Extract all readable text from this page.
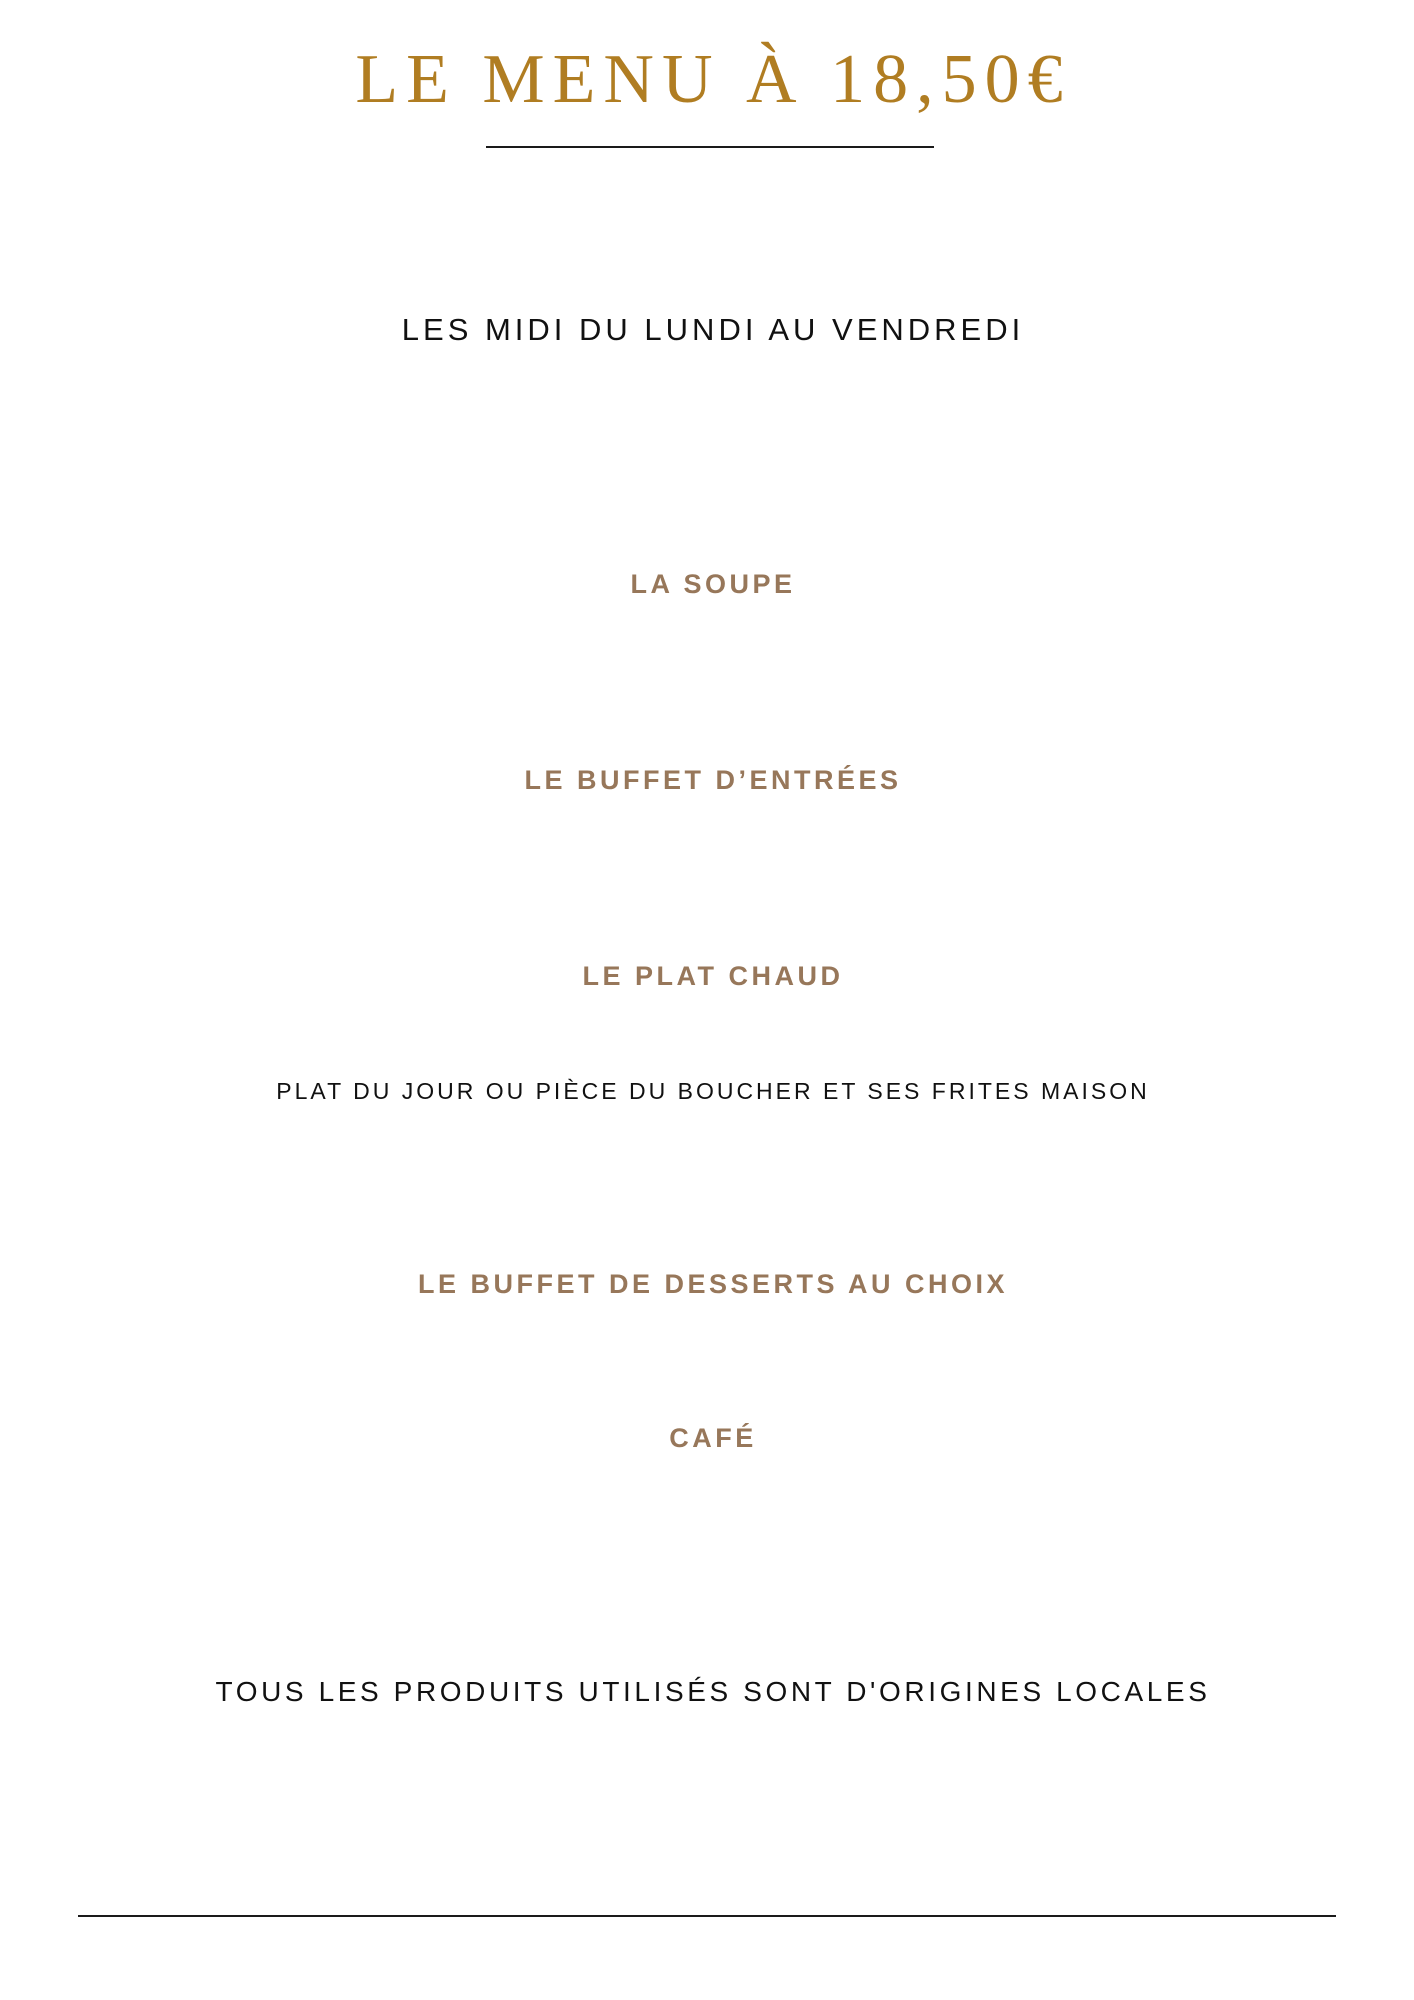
LE MENU À 18,50€
LES MIDI DU LUNDI AU VENDREDI
LA SOUPE
LE BUFFET D’ENTRÉES
LE PLAT CHAUD
PLAT DU JOUR OU PIÈCE DU BOUCHER ET SES FRITES MAISON
LE BUFFET DE DESSERTS AU CHOIX
CAFÉ
TOUS LES PRODUITS UTILISÉS SONT D'ORIGINES LOCALES
